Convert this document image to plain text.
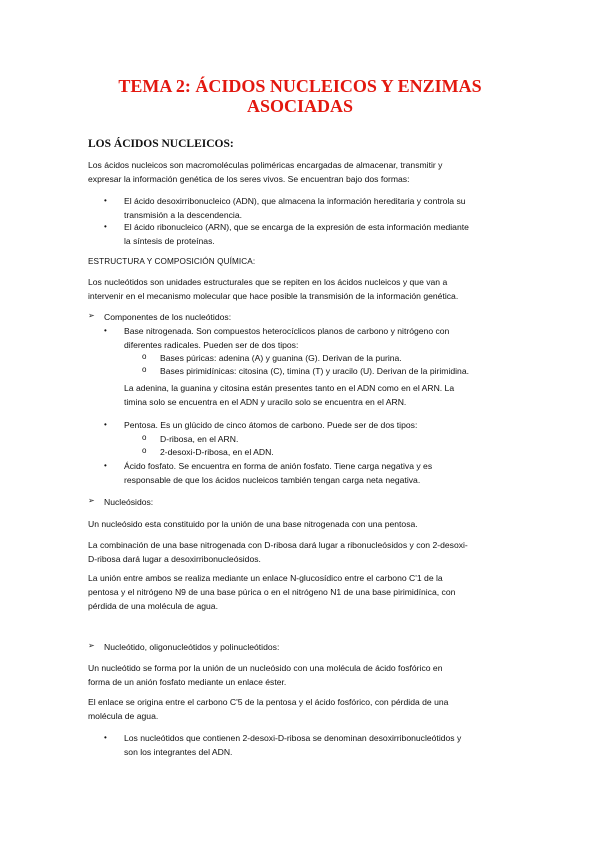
TEMA 2: ÁCIDOS NUCLEICOS Y ENZIMAS
ASOCIADAS
LOS ÁCIDOS NUCLEICOS:
Los ácidos nucleicos son macromoléculas poliméricas encargadas de almacenar, transmitir y
expresar la información genética de los seres vivos. Se encuentran bajo dos formas:
• El ácido desoxirribonucleico (ADN), que almacena la información hereditaria y controla su
transmisión a la descendencia.
• El ácido ribonucleico (ARN), que se encarga de la expresión de esta información mediante
la síntesis de proteínas.
ESTRUCTURA Y COMPOSICIÓN QUÍMICA:
Los nucleótidos son unidades estructurales que se repiten en los ácidos nucleicos y que van a
intervenir en el mecanismo molecular que hace posible la transmisión de la información genética.
➢ Componentes de los nucleótidos:
• Base nitrogenada. Son compuestos heterocíclicos planos de carbono y nitrógeno con
diferentes radicales. Pueden ser de dos tipos:
o Bases púricas: adenina (A) y guanina (G). Derivan de la purina.
o Bases pirimidínicas: citosina (C), timina (T) y uracilo (U). Derivan de la pirimidina.
La adenina, la guanina y citosina están presentes tanto en el ADN como en el ARN. La
timina solo se encuentra en el ADN y uracilo solo se encuentra en el ARN.
• Pentosa. Es un glúcido de cinco átomos de carbono. Puede ser de dos tipos:
o D-ribosa, en el ARN.
o 2-desoxi-D-ribosa, en el ADN.
• Ácido fosfato. Se encuentra en forma de anión fosfato. Tiene carga negativa y es
responsable de que los ácidos nucleicos también tengan carga neta negativa.
➢ Nucleósidos:
Un nucleósido esta constituido por la unión de una base nitrogenada con una pentosa.
La combinación de una base nitrogenada con D-ribosa dará lugar a ribonucleósidos y con 2-desoxi-
D-ribosa dará lugar a desoxirribonucleósidos.
La unión entre ambos se realiza mediante un enlace N-glucosídico entre el carbono C'1 de la
pentosa y el nitrógeno N9 de una base púrica o en el nitrógeno N1 de una base pirimidínica, con
pérdida de una molécula de agua.
➢ Nucleótido, oligonucleótidos y polinucleótidos:
Un nucleótido se forma por la unión de un nucleósido con una molécula de ácido fosfórico en
forma de un anión fosfato mediante un enlace éster.
El enlace se origina entre el carbono C'5 de la pentosa y el ácido fosfórico, con pérdida de una
molécula de agua.
• Los nucleótidos que contienen 2-desoxi-D-ribosa se denominan desoxirribonucleótidos y
son los integrantes del ADN.
